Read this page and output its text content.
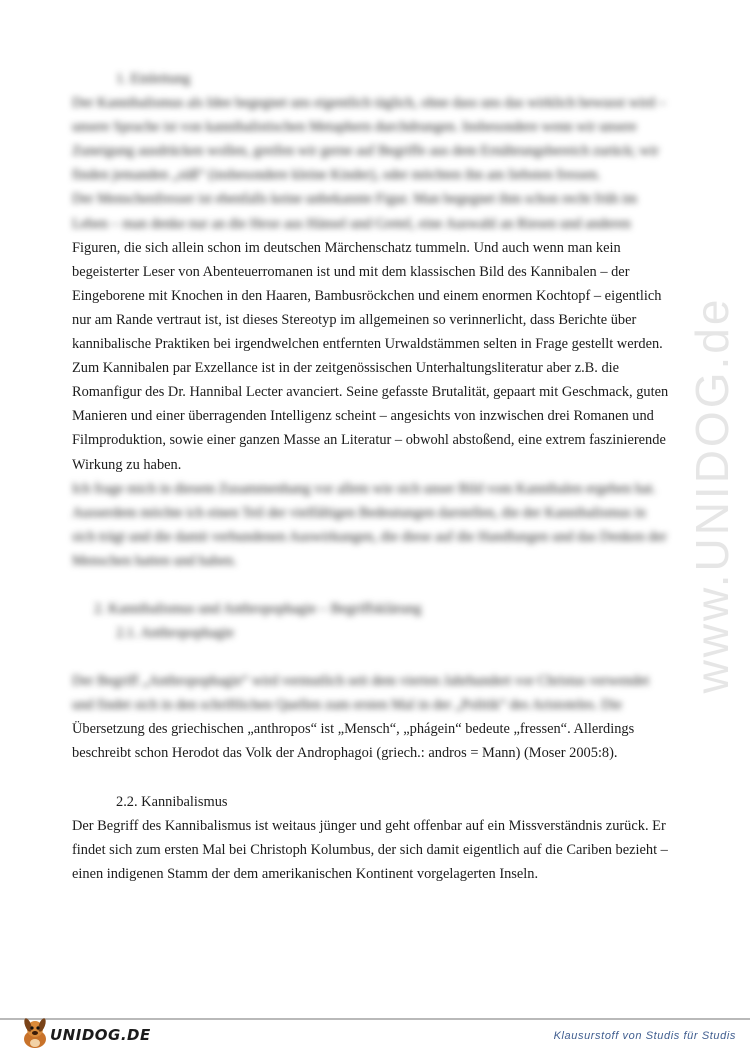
www.UNIDOG.de

1. Einleitung

Der Kannibalismus als Idee begegnet uns eigentlich täglich, ohne dass uns das wirklich bewusst wird – unsere Sprache ist von kannibalistischen Metaphern durchdrungen. Insbesondere wenn wir unsere Zuneigung ausdrücken wollen, greifen wir gerne auf Begriffe aus dem Ernährungsbereich zurück; wir finden jemanden „süß“ (insbesondere kleine Kinder), oder möchten ihn am liebsten fressen.

Der Menschenfresser ist ebenfalls keine unbekannte Figur. Man begegnet ihm schon recht früh im Leben – man denke nur an die Hexe aus Hänsel und Gretel, eine Auswahl an Riesen und anderen

Figuren, die sich allein schon im deutschen Märchenschatz tummeln. Und auch wenn man kein begeisterter Leser von Abenteuerromanen ist und mit dem klassischen Bild des Kannibalen – der Eingeborene mit Knochen in den Haaren, Bambusröckchen und einem enormen Kochtopf – eigentlich nur am Rande vertraut ist, ist dieses Stereotyp im allgemeinen so verinnerlicht, dass Berichte über kannibalische Praktiken bei irgendwelchen entfernten Urwaldstämmen selten in Frage gestellt werden. Zum Kannibalen par Exzellance ist in der zeitgenössischen Unterhaltungsliteratur aber z.B. die Romanfigur des Dr. Hannibal Lecter avanciert. Seine gefasste Brutalität, gepaart mit Geschmack, guten Manieren und einer überragenden Intelligenz scheint – angesichts von inzwischen drei Romanen und Filmproduktion, sowie einer ganzen Masse an Literatur – obwohl abstoßend, eine extrem faszinierende Wirkung zu haben.

Ich frage mich in diesem Zusammenhang vor allem wie sich unser Bild vom Kannibalen ergeben hat. Ausserdem möchte ich einen Teil der vielfältigen Bedeutungen darstellen, die der Kannibalismus in sich trägt und die damit verbundenen Auswirkungen, die diese auf die Handlungen und das Denken der Menschen hatten und haben.

2. Kannibalismus und Anthropophagie – Begriffsklärung

2.1. Anthropophagie

Der Begriff „Anthropophagie“ wird vermutlich seit dem vierten Jahrhundert vor Christus verwendet und findet sich in den schriftlichen Quellen zum ersten Mal in der „Politik“ des Aristoteles. Die

Übersetzung des griechischen „anthropos“ ist „Mensch“, „phágein“ bedeute „fressen“. Allerdings beschreibt schon Herodot das Volk der Androphagoi (griech.: andros = Mann) (Moser 2005:8).

2.2. Kannibalismus

Der Begriff des Kannibalismus ist weitaus jünger und geht offenbar auf ein Missverständnis zurück. Er findet sich zum ersten Mal bei Christoph Kolumbus, der sich damit eigentlich auf die Cariben bezieht – einen indigenen Stamm der dem amerikanischen Kontinent vorgelagerten Inseln.

UNIDOG.DE	Klausurstoff von Studis für Studis
